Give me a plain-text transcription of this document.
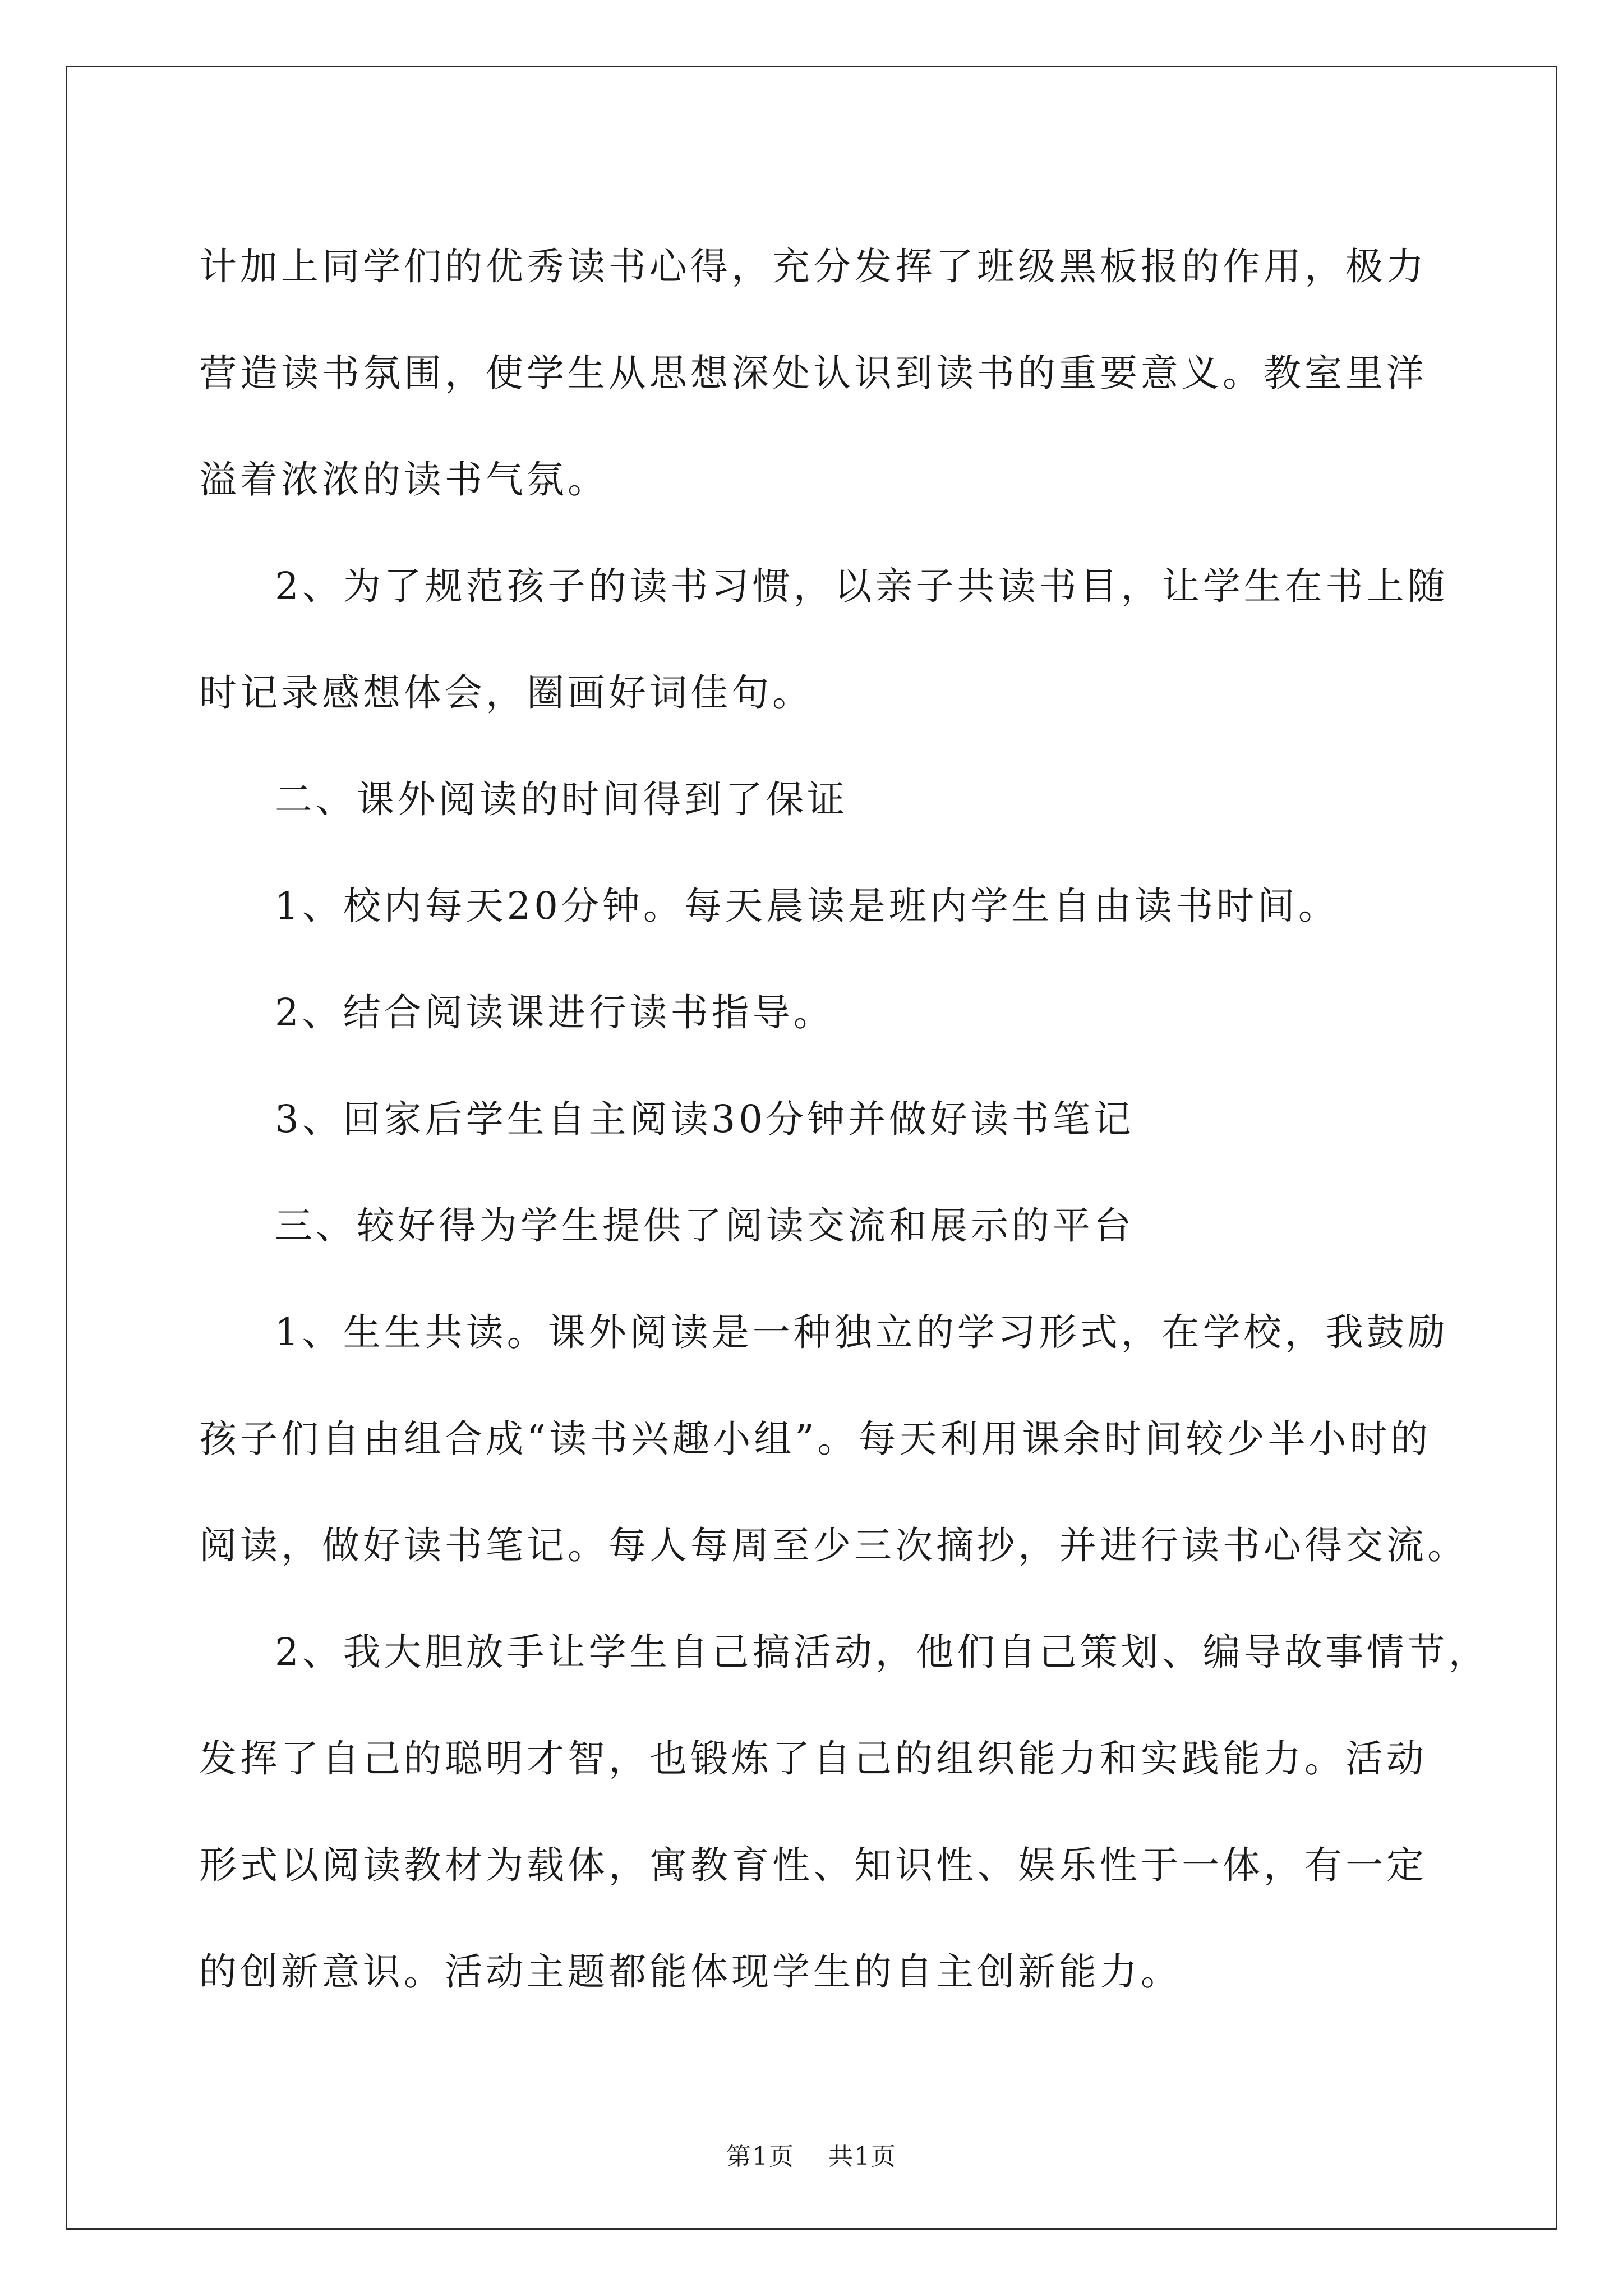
计加上同学们的优秀读书心得，充分发挥了班级黑板报的作用，极力

营造读书氛围，使学生从思想深处认识到读书的重要意义。教室里洋

溢着浓浓的读书气氛。

2、为了规范孩子的读书习惯，以亲子共读书目，让学生在书上随

时记录感想体会，圈画好词佳句。

二、课外阅读的时间得到了保证

1、校内每天20分钟。每天晨读是班内学生自由读书时间。

2、结合阅读课进行读书指导。

3、回家后学生自主阅读30分钟并做好读书笔记

三、较好得为学生提供了阅读交流和展示的平台

1、生生共读。课外阅读是一种独立的学习形式，在学校，我鼓励

孩子们自由组合成“读书兴趣小组”。每天利用课余时间较少半小时的

阅读，做好读书笔记。每人每周至少三次摘抄，并进行读书心得交流。

2、我大胆放手让学生自己搞活动，他们自己策划、编导故事情节，

发挥了自己的聪明才智，也锻炼了自己的组织能力和实践能力。活动

形式以阅读教材为载体，寓教育性、知识性、娱乐性于一体，有一定

的创新意识。活动主题都能体现学生的自主创新能力。

第1页 共1页
